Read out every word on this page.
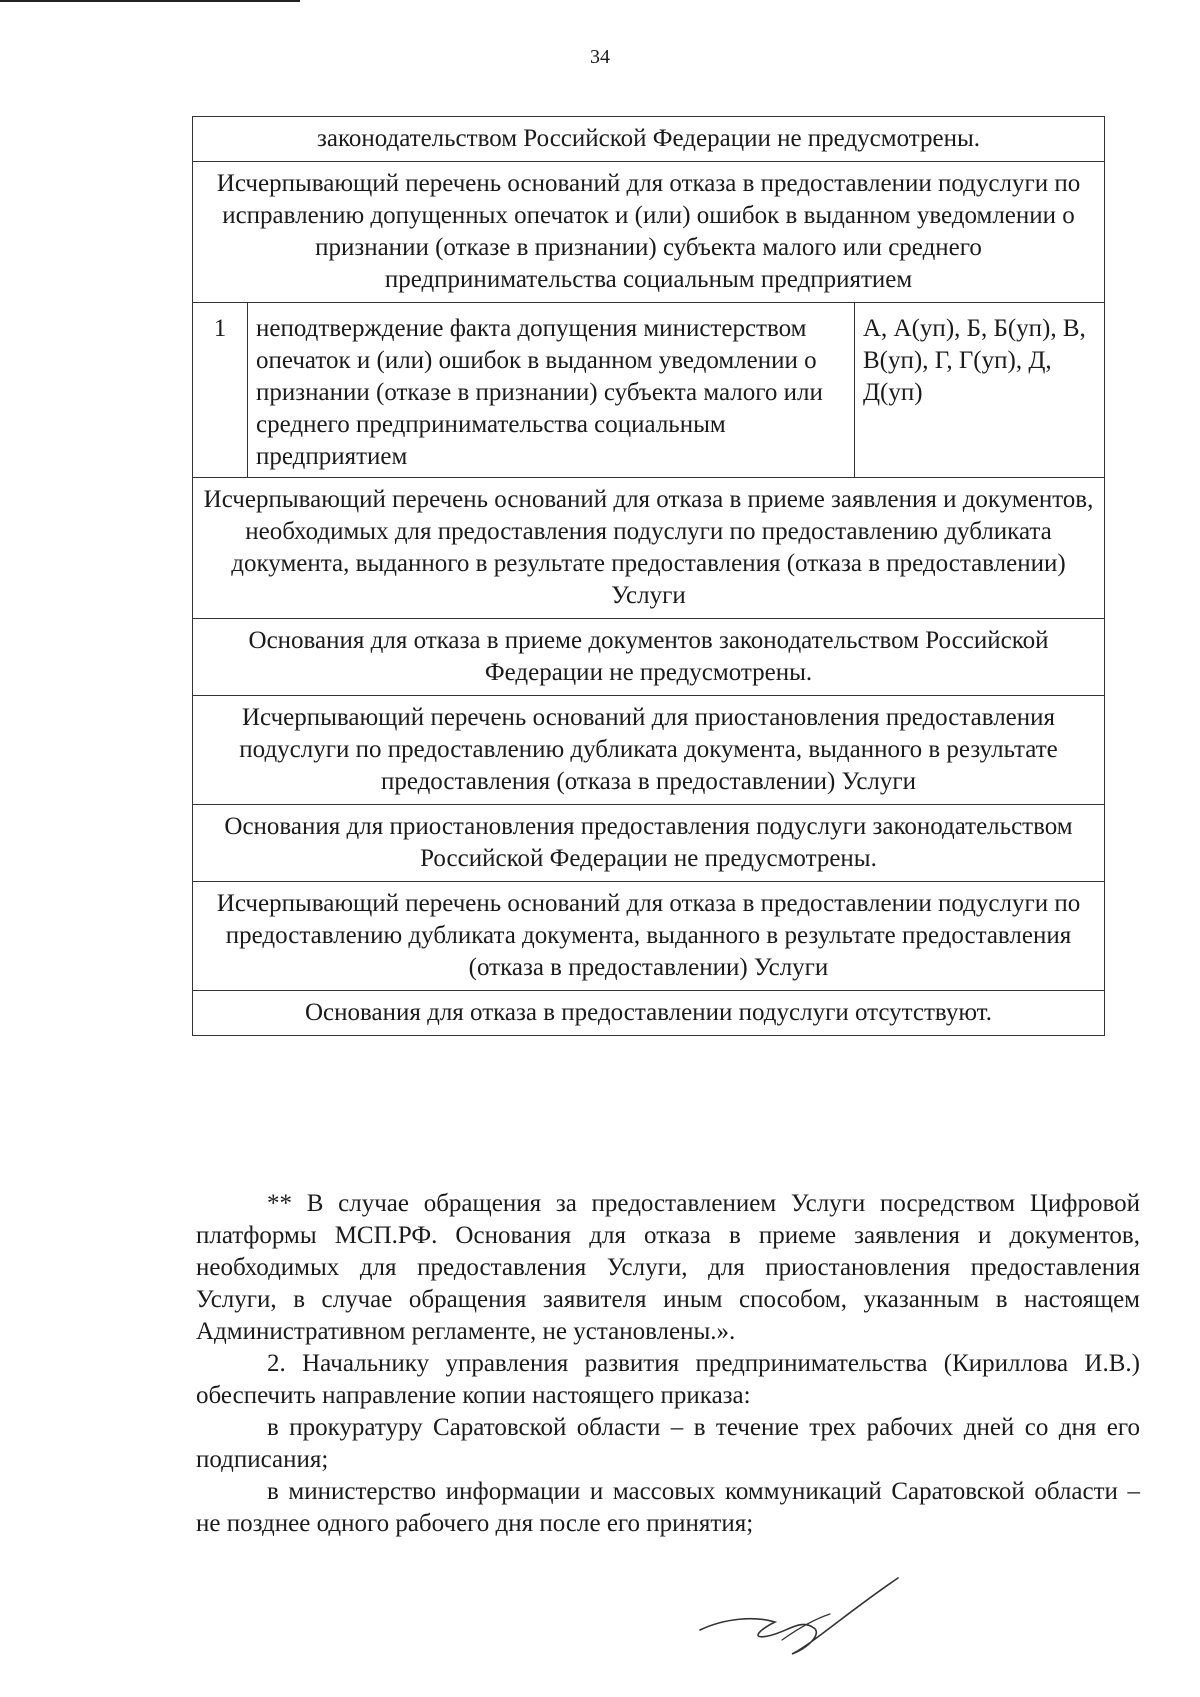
34
законодательством Российской Федерации не предусмотрены.
Исчерпывающий перечень оснований для отказа в предоставлении подуслуги по исправлению допущенных опечаток и (или) ошибок в выданном уведомлении о признании (отказе в признании) субъекта малого или среднего предпринимательства социальным предприятием
1	неподтверждение факта допущения министерством опечаток и (или) ошибок в выданном уведомлении о признании (отказе в признании) субъекта малого или среднего предпринимательства социальным предприятием	А, А(уп), Б, Б(уп), В, В(уп), Г, Г(уп), Д, Д(уп)
Исчерпывающий перечень оснований для отказа в приеме заявления и документов, необходимых для предоставления подуслуги по предоставлению дубликата документа, выданного в результате предоставления (отказа в предоставлении) Услуги
Основания для отказа в приеме документов законодательством Российской Федерации не предусмотрены.
Исчерпывающий перечень оснований для приостановления предоставления подуслуги по предоставлению дубликата документа, выданного в результате предоставления (отказа в предоставлении) Услуги
Основания для приостановления предоставления подуслуги законодательством Российской Федерации не предусмотрены.
Исчерпывающий перечень оснований для отказа в предоставлении подуслуги по предоставлению дубликата документа, выданного в результате предоставления (отказа в предоставлении) Услуги
Основания для отказа в предоставлении подуслуги отсутствуют.

** В случае обращения за предоставлением Услуги посредством Цифровой платформы МСП.РФ. Основания для отказа в приеме заявления и документов, необходимых для предоставления Услуги, для приостановления предоставления Услуги, в случае обращения заявителя иным способом, указанным в настоящем Административном регламенте, не установлены.».

2. Начальнику управления развития предпринимательства (Кириллова И.В.) обеспечить направление копии настоящего приказа:

в прокуратуру Саратовской области – в течение трех рабочих дней со дня его подписания;

в министерство информации и массовых коммуникаций Саратовской области – не позднее одного рабочего дня после его принятия;
